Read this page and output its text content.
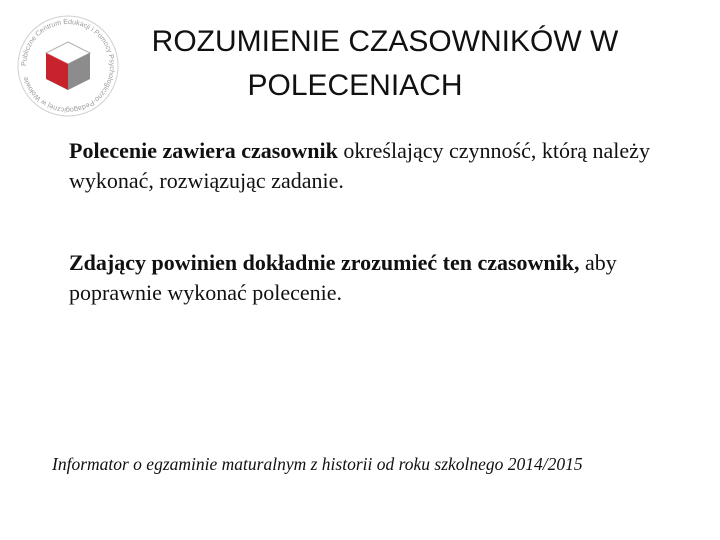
Publiczne Centrum Edukacji i Pomocy Psychologiczno-Pedagogicznej w Wołowie
ROZUMIENIE CZASOWNIKÓW W
POLECENIACH
Polecenie zawiera czasownik określający czynność, którą należy wykonać, rozwiązując zadanie.
Zdający powinien dokładnie zrozumieć ten czasownik, aby poprawnie wykonać polecenie.
Informator o egzaminie maturalnym z historii od roku szkolnego 2014/2015
